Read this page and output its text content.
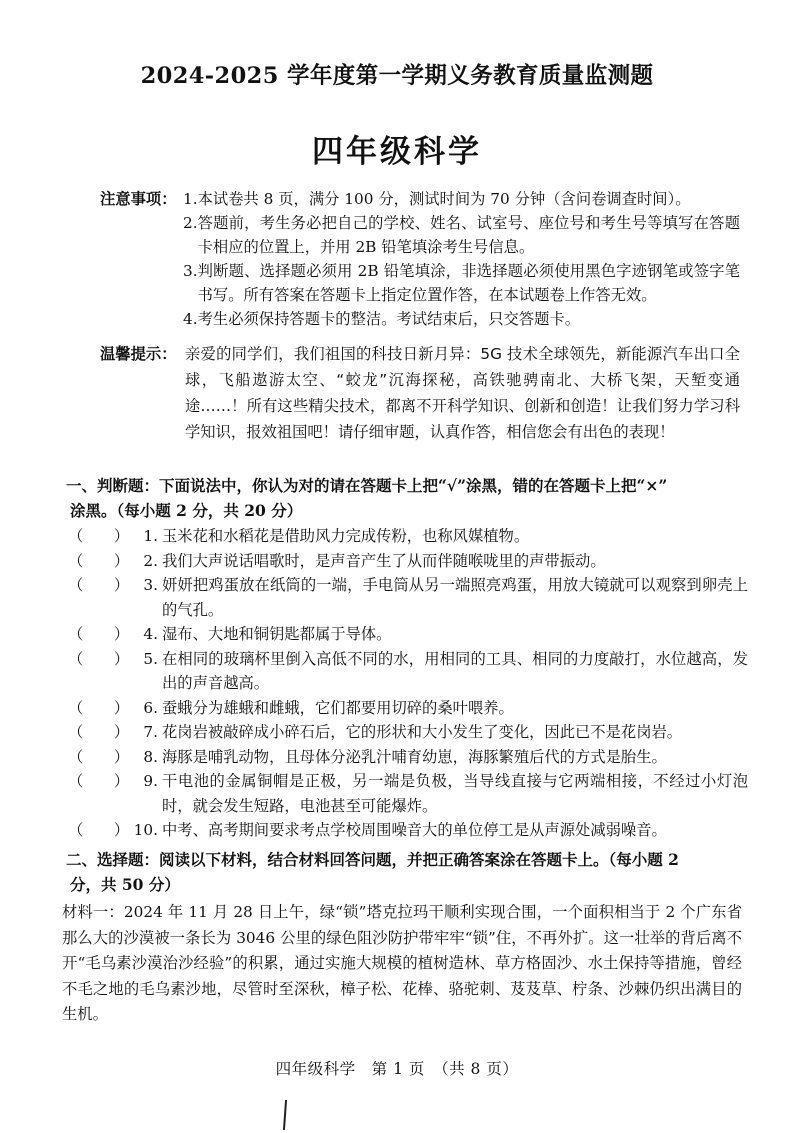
2024-2025 学年度第一学期义务教育质量监测题
四年级科学
注意事项： 1. 本试卷共 8 页，满分 100 分，测试时间为 70 分钟（含问卷调查时间）。
2. 答题前，考生务必把自己的学校、姓名、试室号、座位号和考生号等填写在答题卡相应的位置上，并用 2B 铅笔填涂考生号信息。
3. 判断题、选择题必须用 2B 铅笔填涂，非选择题必须使用黑色字迹钢笔或签字笔书写。所有答案在答题卡上指定位置作答，在本试题卷上作答无效。
4. 考生必须保持答题卡的整洁。考试结束后，只交答题卡。
温馨提示： 亲爱的同学们，我们祖国的科技日新月异：5G 技术全球领先，新能源汽车出口全球，飞船遨游太空、“蛟龙”沉海探秘，高铁驰骋南北、大桥飞架，天堑变通途……！所有这些精尖技术，都离不开科学知识、创新和创造！让我们努力学习科学知识，报效祖国吧！请仔细审题，认真作答，相信您会有出色的表现！
一、判断题：下面说法中，你认为对的请在答题卡上把“√”涂黑，错的在答题卡上把“×”
涂黑。（每小题 2 分，共 20 分）
（　　） 1. 玉米花和水稻花是借助风力完成传粉，也称风媒植物。
（　　） 2. 我们大声说话唱歌时，是声音产生了从而伴随喉咙里的声带振动。
（　　） 3. 妍妍把鸡蛋放在纸筒的一端，手电筒从另一端照亮鸡蛋，用放大镜就可以观察到卵壳上的气孔。
（　　） 4. 湿布、大地和铜钥匙都属于导体。
（　　） 5. 在相同的玻璃杯里倒入高低不同的水，用相同的工具、相同的力度敲打，水位越高，发出的声音越高。
（　　） 6. 蚕蛾分为雄蛾和雌蛾，它们都要用切碎的桑叶喂养。
（　　） 7. 花岗岩被敲碎成小碎石后，它的形状和大小发生了变化，因此已不是花岗岩。
（　　） 8. 海豚是哺乳动物，且母体分泌乳汁哺育幼崽，海豚繁殖后代的方式是胎生。
（　　） 9. 干电池的金属铜帽是正极，另一端是负极，当导线直接与它两端相接，不经过小灯泡时，就会发生短路，电池甚至可能爆炸。
（　　） 10. 中考、高考期间要求考点学校周围噪音大的单位停工是从声源处减弱噪音。
二、选择题：阅读以下材料，结合材料回答问题，并把正确答案涂在答题卡上。（每小题 2
分，共 50 分）
材料一：2024 年 11 月 28 日上午，绿“锁”塔克拉玛干顺利实现合围，一个面积相当于 2 个广东省那么大的沙漠被一条长为 3046 公里的绿色阻沙防护带牢牢“锁”住，不再外扩。这一壮举的背后离不开“毛乌素沙漠治沙经验”的积累，通过实施大规模的植树造林、草方格固沙、水土保持等措施，曾经不毛之地的毛乌素沙地，尽管时至深秋，樟子松、花棒、骆驼刺、芨芨草、柠条、沙棘仍织出满目的生机。
四年级科学　第 1 页　（共 8 页）
